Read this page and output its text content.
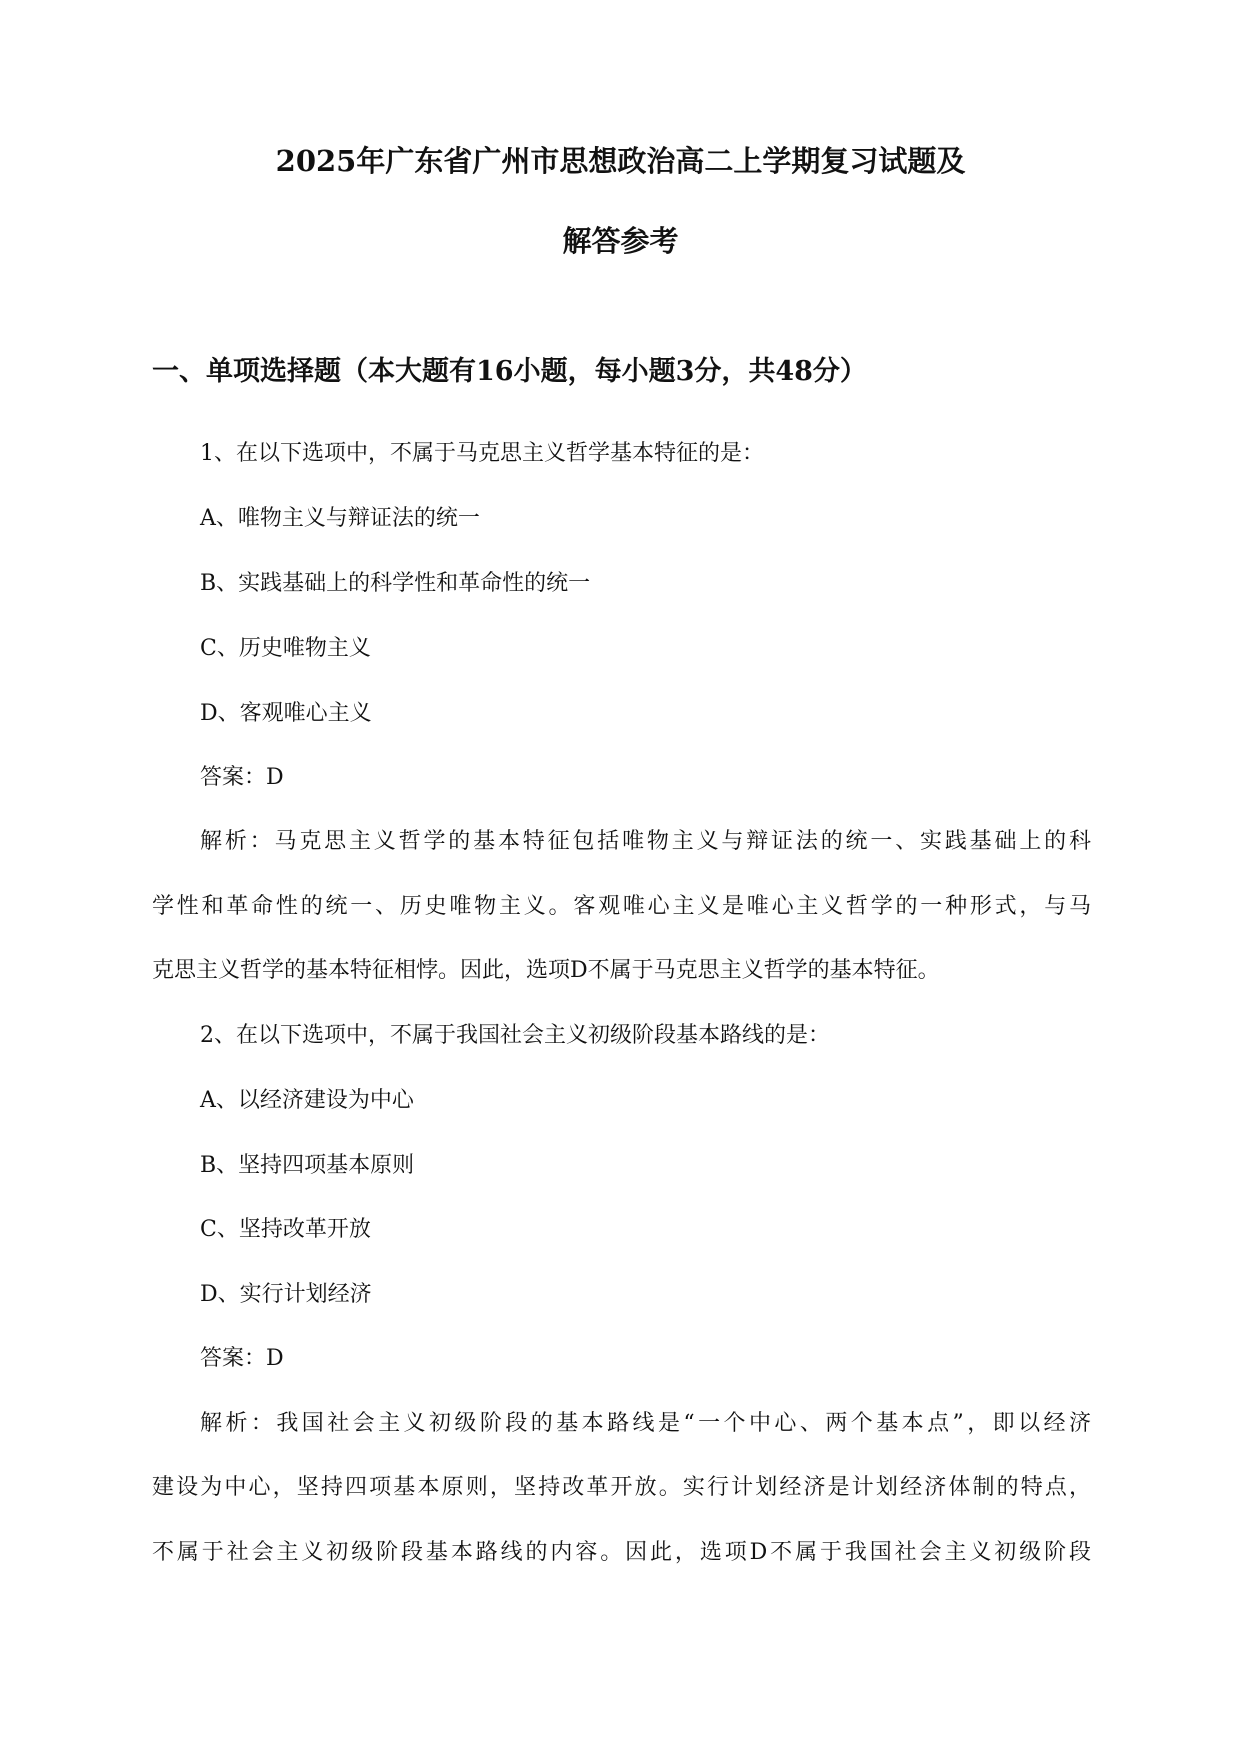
2025年广东省广州市思想政治高二上学期复习试题及
解答参考
一、单项选择题（本大题有16小题，每小题3分，共48分）
1、在以下选项中，不属于马克思主义哲学基本特征的是：
A、唯物主义与辩证法的统一
B、实践基础上的科学性和革命性的统一
C、历史唯物主义
D、客观唯心主义
答案：D
解析：马克思主义哲学的基本特征包括唯物主义与辩证法的统一、实践基础上的科
学性和革命性的统一、历史唯物主义。客观唯心主义是唯心主义哲学的一种形式，与马
克思主义哲学的基本特征相悖。因此，选项D不属于马克思主义哲学的基本特征。
2、在以下选项中，不属于我国社会主义初级阶段基本路线的是：
A、以经济建设为中心
B、坚持四项基本原则
C、坚持改革开放
D、实行计划经济
答案：D
解析：我国社会主义初级阶段的基本路线是“一个中心、两个基本点”，即以经济
建设为中心，坚持四项基本原则，坚持改革开放。实行计划经济是计划经济体制的特点，
不属于社会主义初级阶段基本路线的内容。因此，选项D不属于我国社会主义初级阶段
